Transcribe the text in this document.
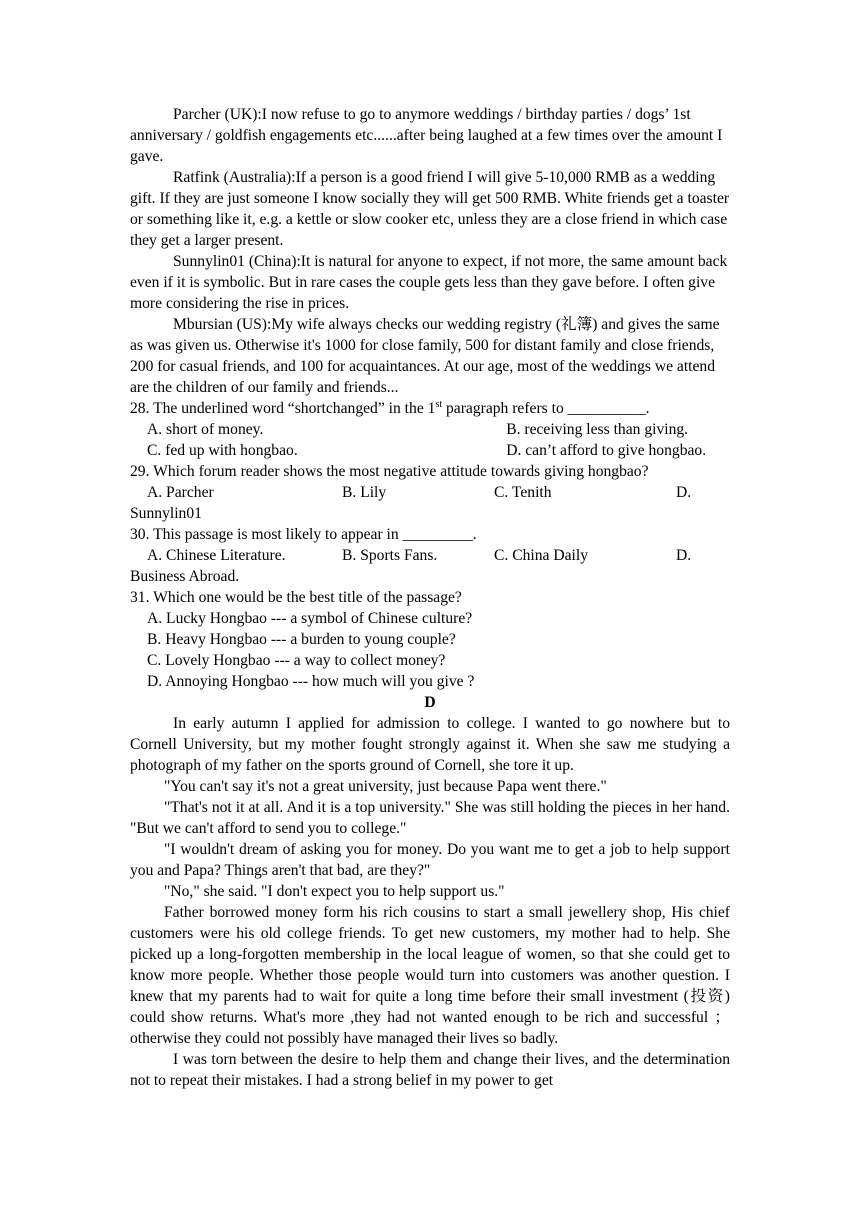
Parcher (UK):I now refuse to go to anymore weddings / birthday parties / dogs’ 1st anniversary / goldfish engagements etc......after being laughed at a few times over the amount I gave.

Ratfink (Australia):If a person is a good friend I will give 5-10,000 RMB as a wedding gift. If they are just someone I know socially they will get 500 RMB. White friends get a toaster or something like it, e.g. a kettle or slow cooker etc, unless they are a close friend in which case they get a larger present.

Sunnylin01 (China):It is natural for anyone to expect, if not more, the same amount back even if it is symbolic. But in rare cases the couple gets less than they gave before. I often give more considering the rise in prices.

Mbursian (US):My wife always checks our wedding registry (礼簿) and gives the same as was given us. Otherwise it's 1000 for close family, 500 for distant family and close friends, 200 for casual friends, and 100 for acquaintances. At our age, most of the weddings we attend are the children of our family and friends...

28. The underlined word “shortchanged” in the 1st paragraph refers to __________.

A. short of money.	B. receiving less than giving.
C. fed up with hongbao.	D. can’t afford to give hongbao.

29. Which forum reader shows the most negative attitude towards giving hongbao?

A. Parcher	B. Lily	C. Tenith	D.

Sunnylin01

30. This passage is most likely to appear in _________.

A. Chinese Literature.	B. Sports Fans.	C. China Daily	D.

Business Abroad.

31. Which one would be the best title of the passage?

A. Lucky Hongbao --- a symbol of Chinese culture?

B. Heavy Hongbao --- a burden to young couple?

C. Lovely Hongbao --- a way to collect money?

D. Annoying Hongbao --- how much will you give ?

D

In early autumn I applied for admission to college. I wanted to go nowhere but to Cornell University, but my mother fought strongly against it. When she saw me studying a photograph of my father on the sports ground of Cornell, she tore it up.

"You can't say it's not a great university, just because Papa went there."

"That's not it at all. And it is a top university." She was still holding the pieces in her hand. "But we can't afford to send you to college."

"I wouldn't dream of asking you for money. Do you want me to get a job to help support you and Papa? Things aren't that bad, are they?"

"No," she said. "I don't expect you to help support us."

Father borrowed money form his rich cousins to start a small jewellery shop, His chief customers were his old college friends. To get new customers, my mother had to help. She picked up a long-forgotten membership in the local league of women, so that she could get to know more people. Whether those people would turn into customers was another question. I knew that my parents had to wait for quite a long time before their small investment (投资) could show returns. What's more ,they had not wanted enough to be rich and successful ；otherwise they could not possibly have managed their lives so badly.

I was torn between the desire to help them and change their lives, and the determination not to repeat their mistakes. I had a strong belief in my power to get
